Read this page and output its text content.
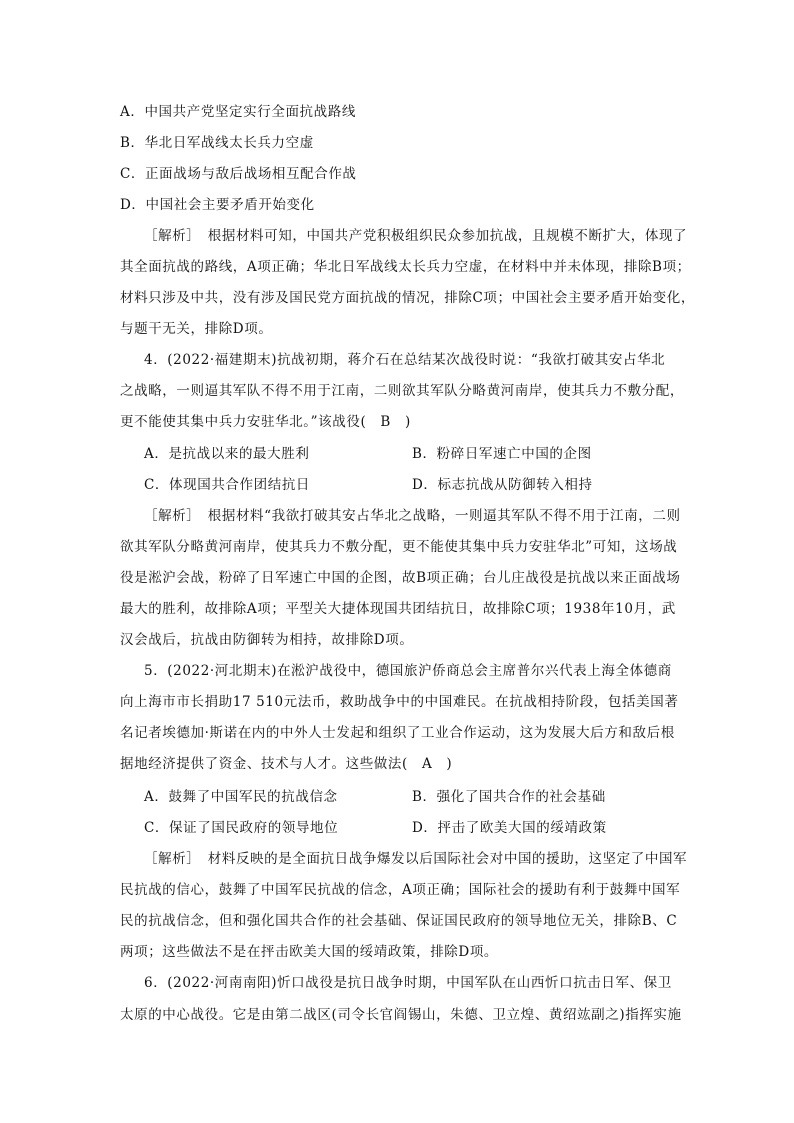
A．中国共产党坚定实行全面抗战路线
B．华北日军战线太长兵力空虚
C．正面战场与敌后战场相互配合作战
D．中国社会主要矛盾开始变化
［解析］　根据材料可知，中国共产党积极组织民众参加抗战，且规模不断扩大，体现了
其全面抗战的路线，A项正确；华北日军战线太长兵力空虚，在材料中并未体现，排除B项；
材料只涉及中共，没有涉及国民党方面抗战的情况，排除C项；中国社会主要矛盾开始变化，
与题干无关，排除D项。
4．(2022·福建期末)抗战初期，蒋介石在总结某次战役时说：“我欲打破其安占华北
之战略，一则逼其军队不得不用于江南，二则欲其军队分略黄河南岸，使其兵力不敷分配，
更不能使其集中兵力安驻华北。”该战役(　B　)
A．是抗战以来的最大胜利	B．粉碎日军速亡中国的企图
C．体现国共合作团结抗日	D．标志抗战从防御转入相持
［解析］　根据材料“我欲打破其安占华北之战略，一则逼其军队不得不用于江南，二则
欲其军队分略黄河南岸，使其兵力不敷分配，更不能使其集中兵力安驻华北”可知，这场战
役是淞沪会战，粉碎了日军速亡中国的企图，故B项正确；台儿庄战役是抗战以来正面战场
最大的胜利，故排除A项；平型关大捷体现国共团结抗日，故排除C项；1938年10月，武
汉会战后，抗战由防御转为相持，故排除D项。
5．(2022·河北期末)在淞沪战役中，德国旅沪侨商总会主席普尔兴代表上海全体德商
向上海市市长捐助17 510元法币，救助战争中的中国难民。在抗战相持阶段，包括美国著
名记者埃德加·斯诺在内的中外人士发起和组织了工业合作运动，这为发展大后方和敌后根
据地经济提供了资金、技术与人才。这些做法(　A　)
A．鼓舞了中国军民的抗战信念	B．强化了国共合作的社会基础
C．保证了国民政府的领导地位	D．抨击了欧美大国的绥靖政策
［解析］　材料反映的是全面抗日战争爆发以后国际社会对中国的援助，这坚定了中国军
民抗战的信心，鼓舞了中国军民抗战的信念，A项正确；国际社会的援助有利于鼓舞中国军
民的抗战信念，但和强化国共合作的社会基础、保证国民政府的领导地位无关，排除B、C
两项；这些做法不是在抨击欧美大国的绥靖政策，排除D项。
6．(2022·河南南阳)忻口战役是抗日战争时期，中国军队在山西忻口抗击日军、保卫
太原的中心战役。它是由第二战区(司令长官阎锡山，朱德、卫立煌、黄绍竑副之)指挥实施
